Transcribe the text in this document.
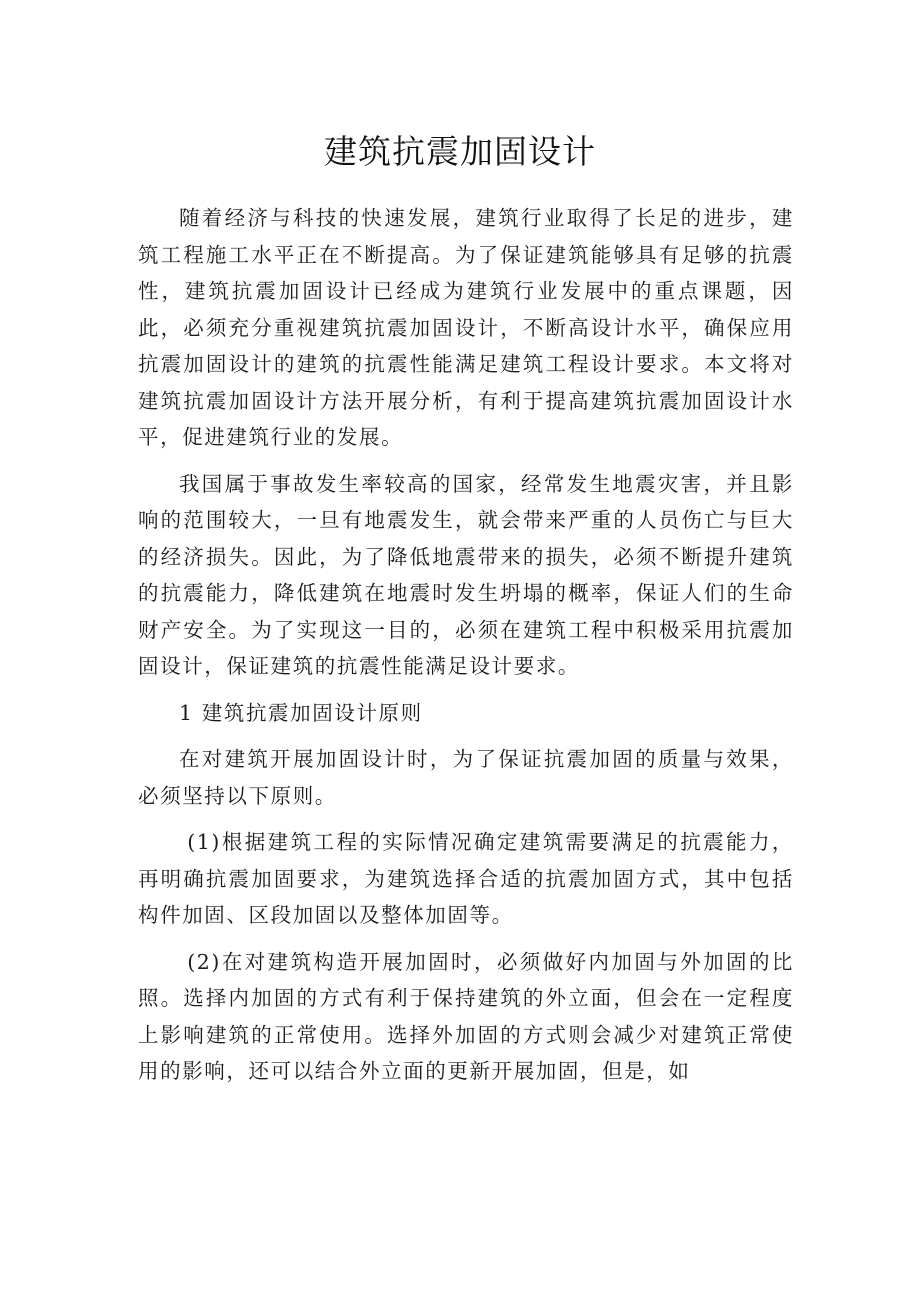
建筑抗震加固设计

随着经济与科技的快速发展，建筑行业取得了长足的进步，建筑工程施工水平正在不断提高。为了保证建筑能够具有足够的抗震性，建筑抗震加固设计已经成为建筑行业发展中的重点课题，因此，必须充分重视建筑抗震加固设计，不断高设计水平，确保应用抗震加固设计的建筑的抗震性能满足建筑工程设计要求。本文将对建筑抗震加固设计方法开展分析，有利于提高建筑抗震加固设计水平，促进建筑行业的发展。

我国属于事故发生率较高的国家，经常发生地震灾害，并且影响的范围较大，一旦有地震发生，就会带来严重的人员伤亡与巨大的经济损失。因此，为了降低地震带来的损失，必须不断提升建筑的抗震能力，降低建筑在地震时发生坍塌的概率，保证人们的生命财产安全。为了实现这一目的，必须在建筑工程中积极采用抗震加固设计，保证建筑的抗震性能满足设计要求。

1 建筑抗震加固设计原则

在对建筑开展加固设计时，为了保证抗震加固的质量与效果，必须坚持以下原则。

(1)根据建筑工程的实际情况确定建筑需要满足的抗震能力，再明确抗震加固要求，为建筑选择合适的抗震加固方式，其中包括构件加固、区段加固以及整体加固等。

(2)在对建筑构造开展加固时，必须做好内加固与外加固的比照。选择内加固的方式有利于保持建筑的外立面，但会在一定程度上影响建筑的正常使用。选择外加固的方式则会减少对建筑正常使用的影响，还可以结合外立面的更新开展加固，但是，如
